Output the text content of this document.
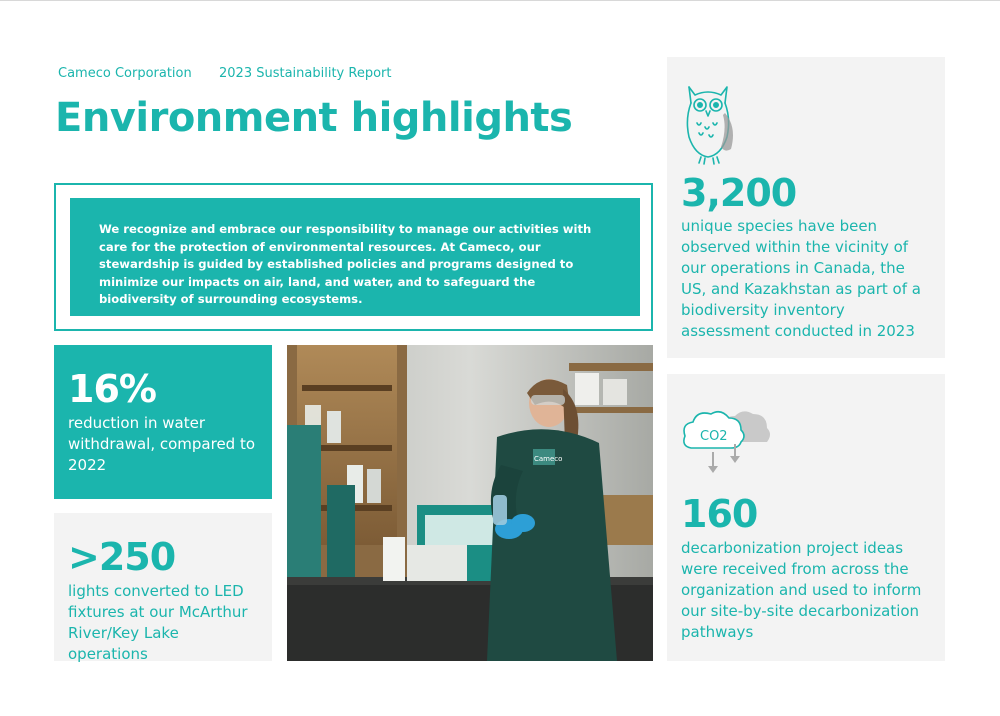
Cameco Corporation 2023 Sustainability Report
Environment highlights

We recognize and embrace our responsibility to manage our activities with care for the protection of environmental resources. At Cameco, our stewardship is guided by established policies and programs designed to minimize our impacts on air, land, and water, and to safeguard the biodiversity of surrounding ecosystems.

16%
reduction in water withdrawal, compared to 2022
>250
lights converted to LED fixtures at our McArthur River/Key Lake operations
Cameco
3,200
unique species have been observed within the vicinity of our operations in Canada, the US, and Kazakhstan as part of a biodiversity inventory assessment conducted in 2023
CO2
160
decarbonization project ideas were received from across the organization and used to inform our site-by-site decarbonization pathways
